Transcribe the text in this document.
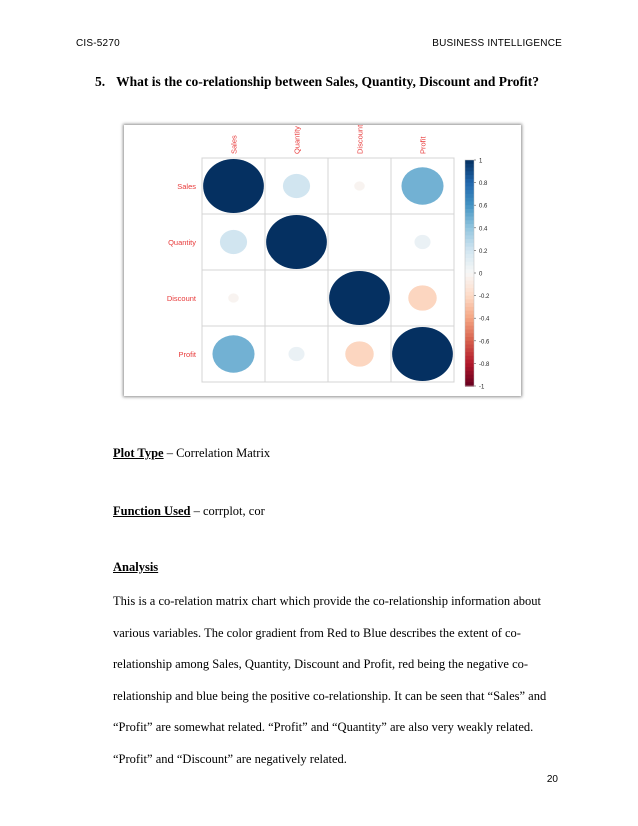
CIS-5270	BUSINESS INTELLIGENCE
5. What is the co-relationship between Sales, Quantity, Discount and Profit?
Sales
Quantity
Discount
Profit
Sales	Quantity	Discount	Profit
1
0.8
0.6
0.4
0.2
0
-0.2
-0.4
-0.6
-0.8
-1
Plot Type – Correlation Matrix
Function Used – corrplot, cor
Analysis
This is a co-relation matrix chart which provide the co-relationship information about various variables. The color gradient from Red to Blue describes the extent of co-relationship among Sales, Quantity, Discount and Profit, red being the negative co-relationship and blue being the positive co-relationship. It can be seen that “Sales” and “Profit” are somewhat related. “Profit” and “Quantity” are also very weakly related. “Profit” and “Discount” are negatively related.
20
